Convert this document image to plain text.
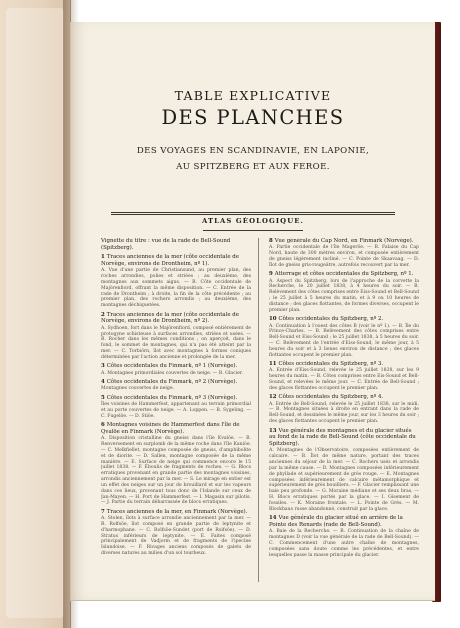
TABLE EXPLICATIVE
DES PLANCHES
DES VOYAGES EN SCANDINAVIE, EN LAPONIE,
AU SPITZBERG ET AUX FEROE.
ATLAS GÉOLOGIQUE.
Vignette du titre : vue de la rade de Bell-Sound (Spitzberg).
1 Traces anciennes de la mer (côte occidentale de Norvège, environs de Drontheim, nº 1).
A. Vue d'une partie de Christiansund, au premier plan, des roches arrondies, polies et striées ; au deuxième, des montagnes aux sommets aigus. — B. Côte occidentale de Majörenfiord, offrant la même disposition. — C. Entrée de la rade de Drontheim ; à droite, la fin de la côte précédente ; au premier plan, des rochers arrondis ; au deuxième, des montagnes déchiquetées.
2 Traces anciennes de la mer (côte occidentale de Norvège, environs de Drontheim, nº 2).
A. Sydhoen, fort dans le Majörenfiord, composé entièrement de protogyne schisteuse à surfaces arrondies, striées et usées. — B. Rocher dans les mêmes conditions ; on aperçoit, dans le fond, le sommet de montagnes, qui n'a pas été atteint par la mer. — C. Torbiörn, îlot avec montagnes à formes coniques déterminées par l'action ancienne et prolongée de la mer.
3 Côtes occidentales du Finmark, nº 1 (Norvège).
A. Montagnes primordiales couvertes de neige. — B. Glacier.
4 Côtes occidentales du Finmark, nº 2 (Norvège).
Montagnes couvertes de neige.
5 Côtes occidentales du Finmark, nº 3 (Norvège).
Îles voisines de Hammerfest, appartenant au terrain primordial et au porte couvertes de neige. — A. Loppen. — B. Sygeling. — C. Fugelöe. — D. Stiöe.
6 Montagnes voisines de Hammerfest dans l'île de Qvalöe en Finmark (Norvège).
A. Disposition cristalline du gneiss dans l'île Kvalöe. — B. Renversement en surplomb de la même roche dans l'île Kaniöe. — C. Melkfiellet, montagne composée de gneiss, d'amphibolite et de diorite. — D. Sallen, montagne composée de la même manière. — E. Surface de neige qui commence encore le 15 juillet 1838. — F. Éboulis de fragments de roches. — G. Blocs erratiques provenant en grande partie des montagnes voisines, arrondis anciennement par la mer. — S. Le mirage en entier est un effet des neiges sur un jour de brouillard et sur les vapeurs dans ces lieux, provenant tous donc de l'Islande sur ceux de Jan-Mayen. — H. Port de Hammerfest. — I. Magasin sur pilotis. — J. Partie du terrain débarrassée de blocs erratiques.
7 Traces anciennes de la mer, en Finmark (Norvège).
A. Stolen, îlots à surface arrondie anciennement par la mer. — B. Rolfsöe, îlot composé en grande partie de leptynite et d'harmophane. — C. Rolfsöe-Sundet (port de Rolfsöe). — D. Stratus inférieurs de leptynite. — E. Faites composé principalement de Vadjorm et de fragments de l'ipecine Islandoise. — F. Rivages anciens composés de galets de diverses natures au milieu d'un sol tourbeux.
8 Vue générale du Cap Nord, en Finmark (Norvège).
A. Partie occidentale de l'île Magerôe. — B. Falaise du Cap Nord, haute de 300 mètres environ, et composée entièrement de gneiss légèrement incliné. — C. Pointe de Skaavaag. — D. Îlot de gneiss gris-rougeâtre, autrefois recouvert par la mer.
9 Atterrage et côtes occidentales du Spitzberg, nº 1.
A. Aspect du Spitzberg, lors de l'approche de la corvette la Recherche, le 20 juillet 1838, à 4 heures du soir. — B. Relèvement des côtes comprises entre Eiss-Sound et Bell-Sound ; le 25 juillet à 5 heures du matin, et à 9 ou 10 heures de distance ; des glaces flottantes, de formes diverses, occupent le premier plan.
10 Côtes occidentales du Spitzberg, nº 2.
A. Continuation à l'ouest des côtes B (voir le nº 1). — B. Île du Prince-Charles. — B. Relèvement des côtes comprises entre Bell-Sound et Eiss-Sound ; le 25 juillet 1838, à 5 heures du soir. — C. Relèvement de l'entrée d'Eiss-Sound, le même jour, à 5 heures du soir et à 3 lieues environ de distance ; des glaces flottantes occupent le premier plan.
11 Côtes occidentales du Spitzberg, nº 3.
A. Entrée d'Eiss-Sound, relevée le 25 juillet 1838, sur les 9 heures du matin. — B. Côtes comprises entre Eis-Sound et Bell-Sound, et relevées le même jour. — C. Entrée de Bell-Sound ; des glaces flottantes occupent le premier plan.
12 Côtes occidentales du Spitzberg, nº 4.
A. Entrée de Bell-Sound, relevée le 25 juillet 1838, sur le midi. — B. Montagnes situées à droite en entrant dans la rade de Bell-Sound, et dessinées le même jour, sur les 3 heures du soir ; des glaces flottantes occupent le premier plan.
13 Vue générale des montagnes et du glacier situés au fond de la rade de Bell-Sound (côte occidentale du Spitzberg).
A. Montagnes de l'Observatoire, composées entièrement de calcaire. — B. Îlot de même nature, portant des traces anciennes du séjour de la mer. — C. Rochers usés et arrondis par la même cause. — D. Montagnes composées inférieurement de phyllade et supérieurement de grès rouge. — E. Montagnes composées inférieurement de calcaire métamorphique et supérieurement de grès bouilliers. — F. Glacier remplissant une baie peu profonde. — G. Moraine médiane et ses deux bras. — H. Blocs erratiques portés par la glace. — I. Gisement de fossiles. — K. Moraine frontale. — L. Pointe de Grès. — M. Blockhaus russe abandonné, construit par la glace.
14 Vue générale du glacier situé en arrière de la Pointe des Renards (rade de Bell-Sound).
A. Baie de la Recherche. — B. Continuation de la chaîne de montagnes D (voir la vue générale de la rade de Bell-Sound). — C. Commencement d'une autre chaîne de montagnes, composées sans doute comme les précédentes, et entre lesquelles passe la masse principale du glacier.
